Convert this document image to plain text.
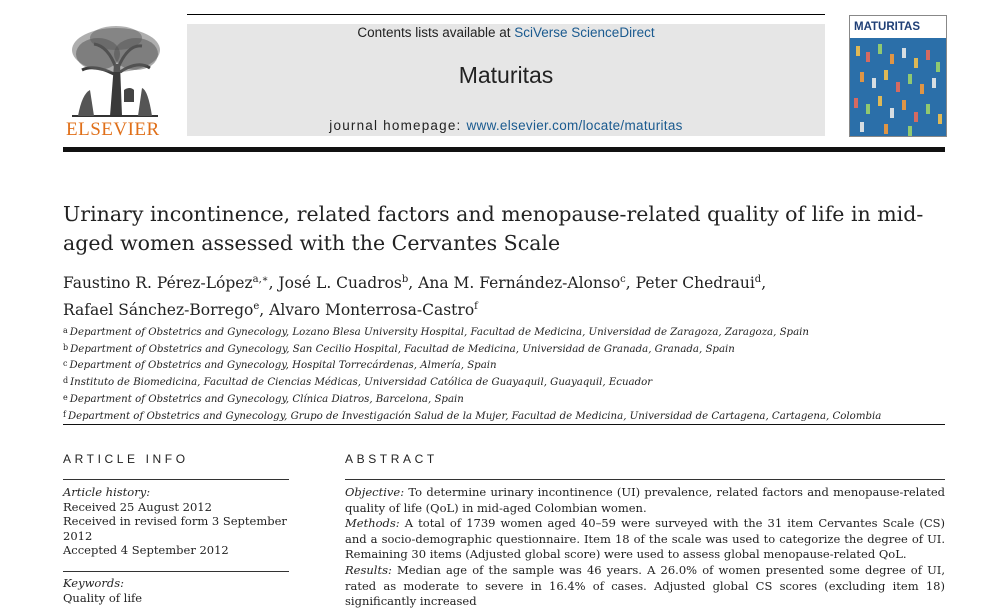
ELSEVIER
Contents lists available at SciVerse ScienceDirect
Maturitas
journal homepage: www.elsevier.com/locate/maturitas
MATURITAS
Urinary incontinence, related factors and menopause-related quality of life in mid-aged women assessed with the Cervantes Scale
Faustino R. Pérez-López$^{a,∗}$, José L. Cuadros$^b$, Ana M. Fernández-Alonso$^c$, Peter Chedraui$^d$,
Rafael Sánchez-Borrego$^e$, Alvaro Monterrosa-Castro$^f$
a Department of Obstetrics and Gynecology, Lozano Blesa University Hospital, Facultad de Medicina, Universidad de Zaragoza, Zaragoza, Spain
b Department of Obstetrics and Gynecology, San Cecilio Hospital, Facultad de Medicina, Universidad de Granada, Granada, Spain
c Department of Obstetrics and Gynecology, Hospital Torrecárdenas, Almería, Spain
d Instituto de Biomedicina, Facultad de Ciencias Médicas, Universidad Católica de Guayaquil, Guayaquil, Ecuador
e Department of Obstetrics and Gynecology, Clínica Diatros, Barcelona, Spain
f Department of Obstetrics and Gynecology, Grupo de Investigación Salud de la Mujer, Facultad de Medicina, Universidad de Cartagena, Cartagena, Colombia
ARTICLE INFO
Article history:
Received 25 August 2012
Received in revised form 3 September 2012
Accepted 4 September 2012
Keywords:
Quality of life
ABSTRACT

Objective: To determine urinary incontinence (UI) prevalence, related factors and menopause-related quality of life (QoL) in mid-aged Colombian women.

Methods: A total of 1739 women aged 40–59 were surveyed with the 31 item Cervantes Scale (CS) and a socio-demographic questionnaire. Item 18 of the scale was used to categorize the degree of UI. Remaining 30 items (Adjusted global score) were used to assess global menopause-related QoL.

Results: Median age of the sample was 46 years. A 26.0% of women presented some degree of UI, rated as moderate to severe in 16.4% of cases. Adjusted global CS scores (excluding item 18) significantly increased
